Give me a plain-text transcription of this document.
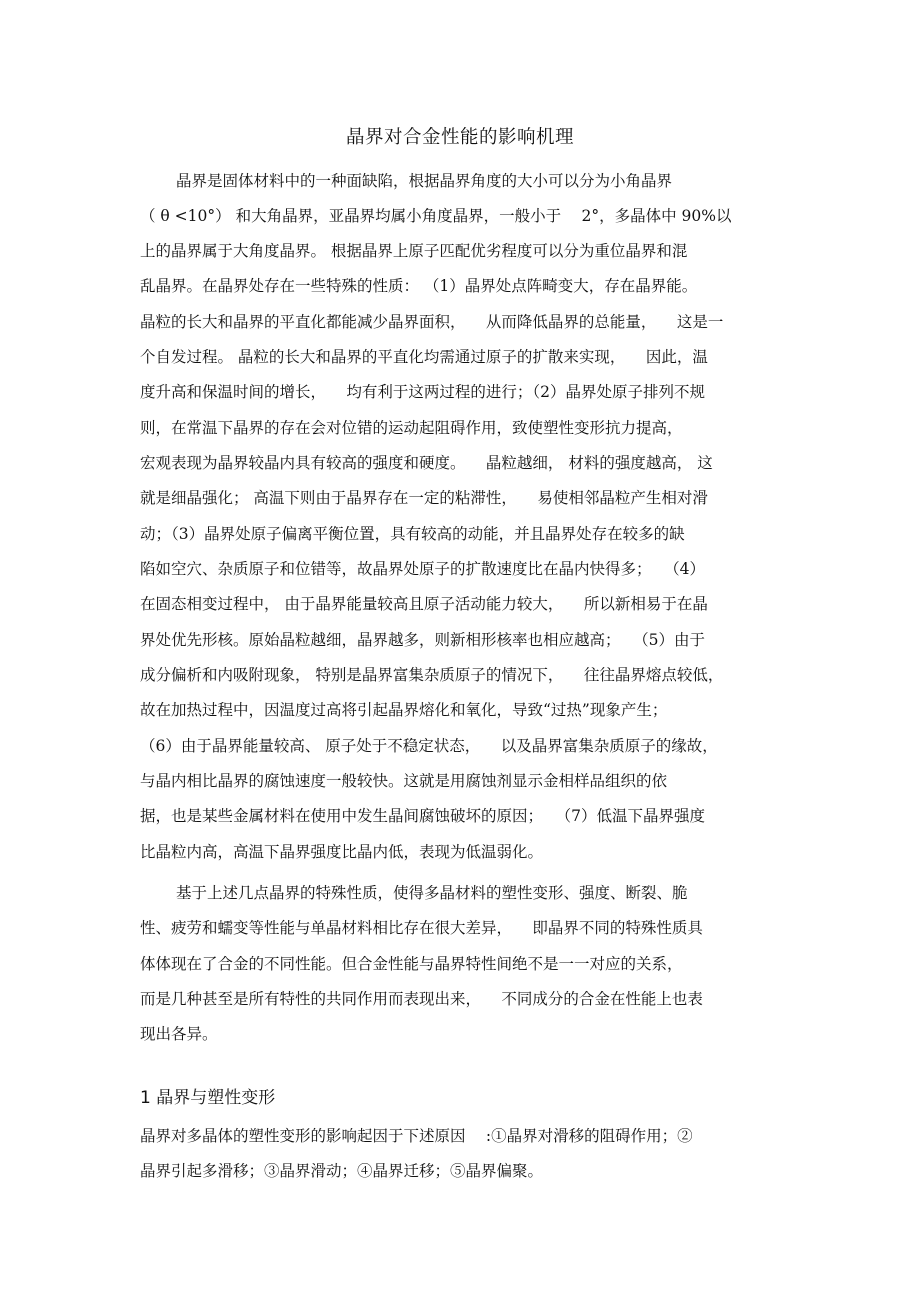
晶界对合金性能的影响机理
晶界是固体材料中的一种面缺陷，根据晶界角度的大小可以分为小角晶界
（ θ <10°） 和大角晶界，亚晶界均属小角度晶界，一般小于 　2°，多晶体中 90%以
上的晶界属于大角度晶界。 根据晶界上原子匹配优劣程度可以分为重位晶界和混
乱晶界。在晶界处存在一些特殊的性质： （1）晶界处点阵畸变大，存在晶界能。
晶粒的长大和晶界的平直化都能减少晶界面积， 　从而降低晶界的总能量， 　这是一
个自发过程。 晶粒的长大和晶界的平直化均需通过原子的扩散来实现， 　因此，温
度升高和保温时间的增长， 　均有利于这两过程的进行；（2）晶界处原子排列不规
则，在常温下晶界的存在会对位错的运动起阻碍作用，致使塑性变形抗力提高，
宏观表现为晶界较晶内具有较高的强度和硬度。 　晶粒越细， 材料的强度越高， 这
就是细晶强化； 高温下则由于晶界存在一定的粘滞性， 　易使相邻晶粒产生相对滑
动；（3）晶界处原子偏离平衡位置，具有较高的动能，并且晶界处存在较多的缺
陷如空穴、杂质原子和位错等，故晶界处原子的扩散速度比在晶内快得多； 　（4）
在固态相变过程中， 由于晶界能量较高且原子活动能力较大， 　所以新相易于在晶
界处优先形核。原始晶粒越细，晶界越多，则新相形核率也相应越高； 　（5）由于
成分偏析和内吸附现象， 特别是晶界富集杂质原子的情况下， 　往往晶界熔点较低，
故在加热过程中，因温度过高将引起晶界熔化和氧化，导致“过热”现象产生；
（6）由于晶界能量较高、 原子处于不稳定状态， 　以及晶界富集杂质原子的缘故，
与晶内相比晶界的腐蚀速度一般较快。这就是用腐蚀剂显示金相样品组织的依
据，也是某些金属材料在使用中发生晶间腐蚀破坏的原因； 　（7）低温下晶界强度
比晶粒内高，高温下晶界强度比晶内低，表现为低温弱化。
基于上述几点晶界的特殊性质，使得多晶材料的塑性变形、强度、断裂、脆
性、疲劳和蠕变等性能与单晶材料相比存在很大差异， 　即晶界不同的特殊性质具
体体现在了合金的不同性能。但合金性能与晶界特性间绝不是一一对应的关系，
而是几种甚至是所有特性的共同作用而表现出来， 　不同成分的合金在性能上也表
现出各异。
1 晶界与塑性变形
晶界对多晶体的塑性变形的影响起因于下述原因 　:①晶界对滑移的阻碍作用；②
晶界引起多滑移；③晶界滑动；④晶界迁移；⑤晶界偏聚。
